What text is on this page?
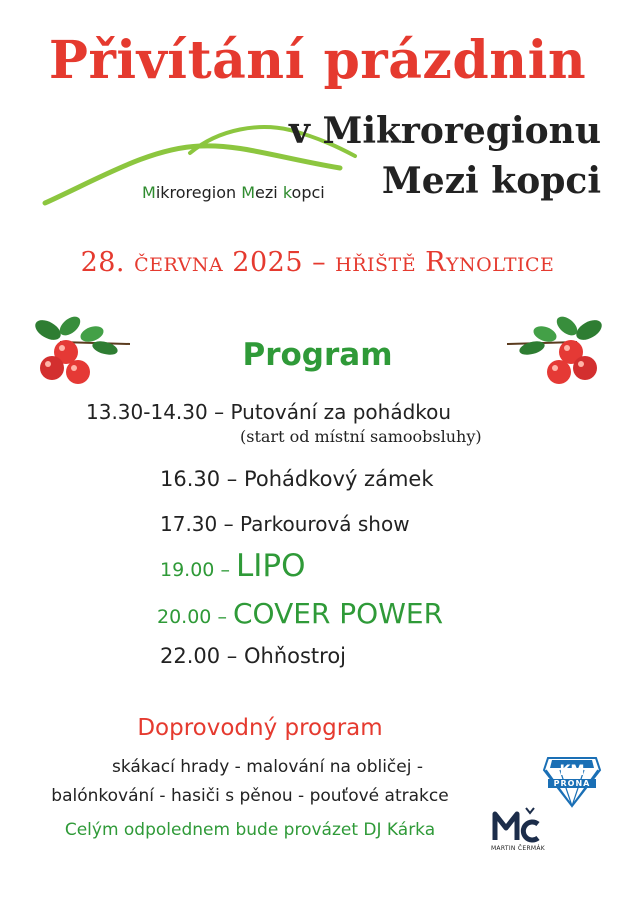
Přivítání prázdnin
Mikroregion Mezi kopci
v Mikroregionu
Mezi kopci
28. června 2025 – hřiště Rynoltice
Program
13.30-14.30 – Putování za pohádkou
(start od místní samoobsluhy)
16.30 – Pohádkový zámek
17.30 – Parkourová show
19.00 – LIPO
20.00 – COVER POWER
22.00 – Ohňostroj
Doprovodný program
skákací hrady - malování na obličej -
balónkování - hasiči s pěnou - pouťové atrakce
Celým odpolednem bude provázet DJ Kárka
KM
PRONA
MARTIN ČERMÁK
